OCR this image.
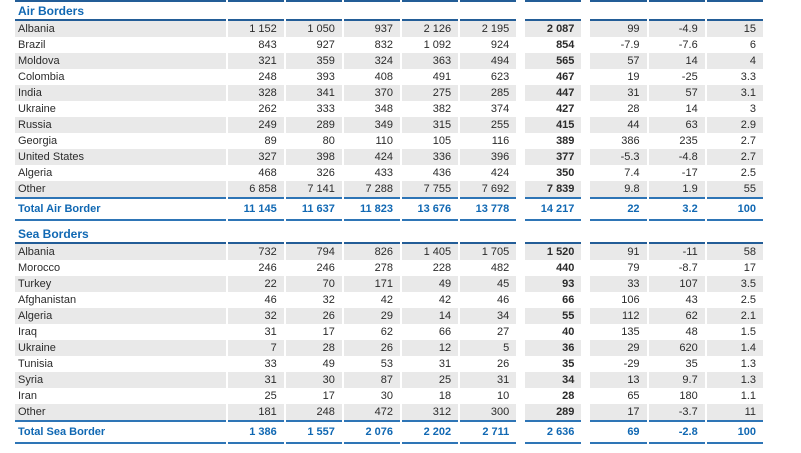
Air Borders											
Albania	1 152	1 050	937	2 126	2 195		2 087		99	-4.9	15
Brazil	843	927	832	1 092	924		854		-7.9	-7.6	6
Moldova	321	359	324	363	494		565		57	14	4
Colombia	248	393	408	491	623		467		19	-25	3.3
India	328	341	370	275	285		447		31	57	3.1
Ukraine	262	333	348	382	374		427		28	14	3
Russia	249	289	349	315	255		415		44	63	2.9
Georgia	89	80	110	105	116		389		386	235	2.7
United States	327	398	424	336	396		377		-5.3	-4.8	2.7
Algeria	468	326	433	436	424		350		7.4	-17	2.5
Other	6 858	7 141	7 288	7 755	7 692		7 839		9.8	1.9	55
Total Air Border	11 145	11 637	11 823	13 676	13 778		14 217		22	3.2	100
Sea Borders											
Albania	732	794	826	1 405	1 705		1 520		91	-11	58
Morocco	246	246	278	228	482		440		79	-8.7	17
Turkey	22	70	171	49	45		93		33	107	3.5
Afghanistan	46	32	42	42	46		66		106	43	2.5
Algeria	32	26	29	14	34		55		112	62	2.1
Iraq	31	17	62	66	27		40		135	48	1.5
Ukraine	7	28	26	12	5		36		29	620	1.4
Tunisia	33	49	53	31	26		35		-29	35	1.3
Syria	31	30	87	25	31		34		13	9.7	1.3
Iran	25	17	30	18	10		28		65	180	1.1
Other	181	248	472	312	300		289		17	-3.7	11
Total Sea Border	1 386	1 557	2 076	2 202	2 711		2 636		69	-2.8	100
